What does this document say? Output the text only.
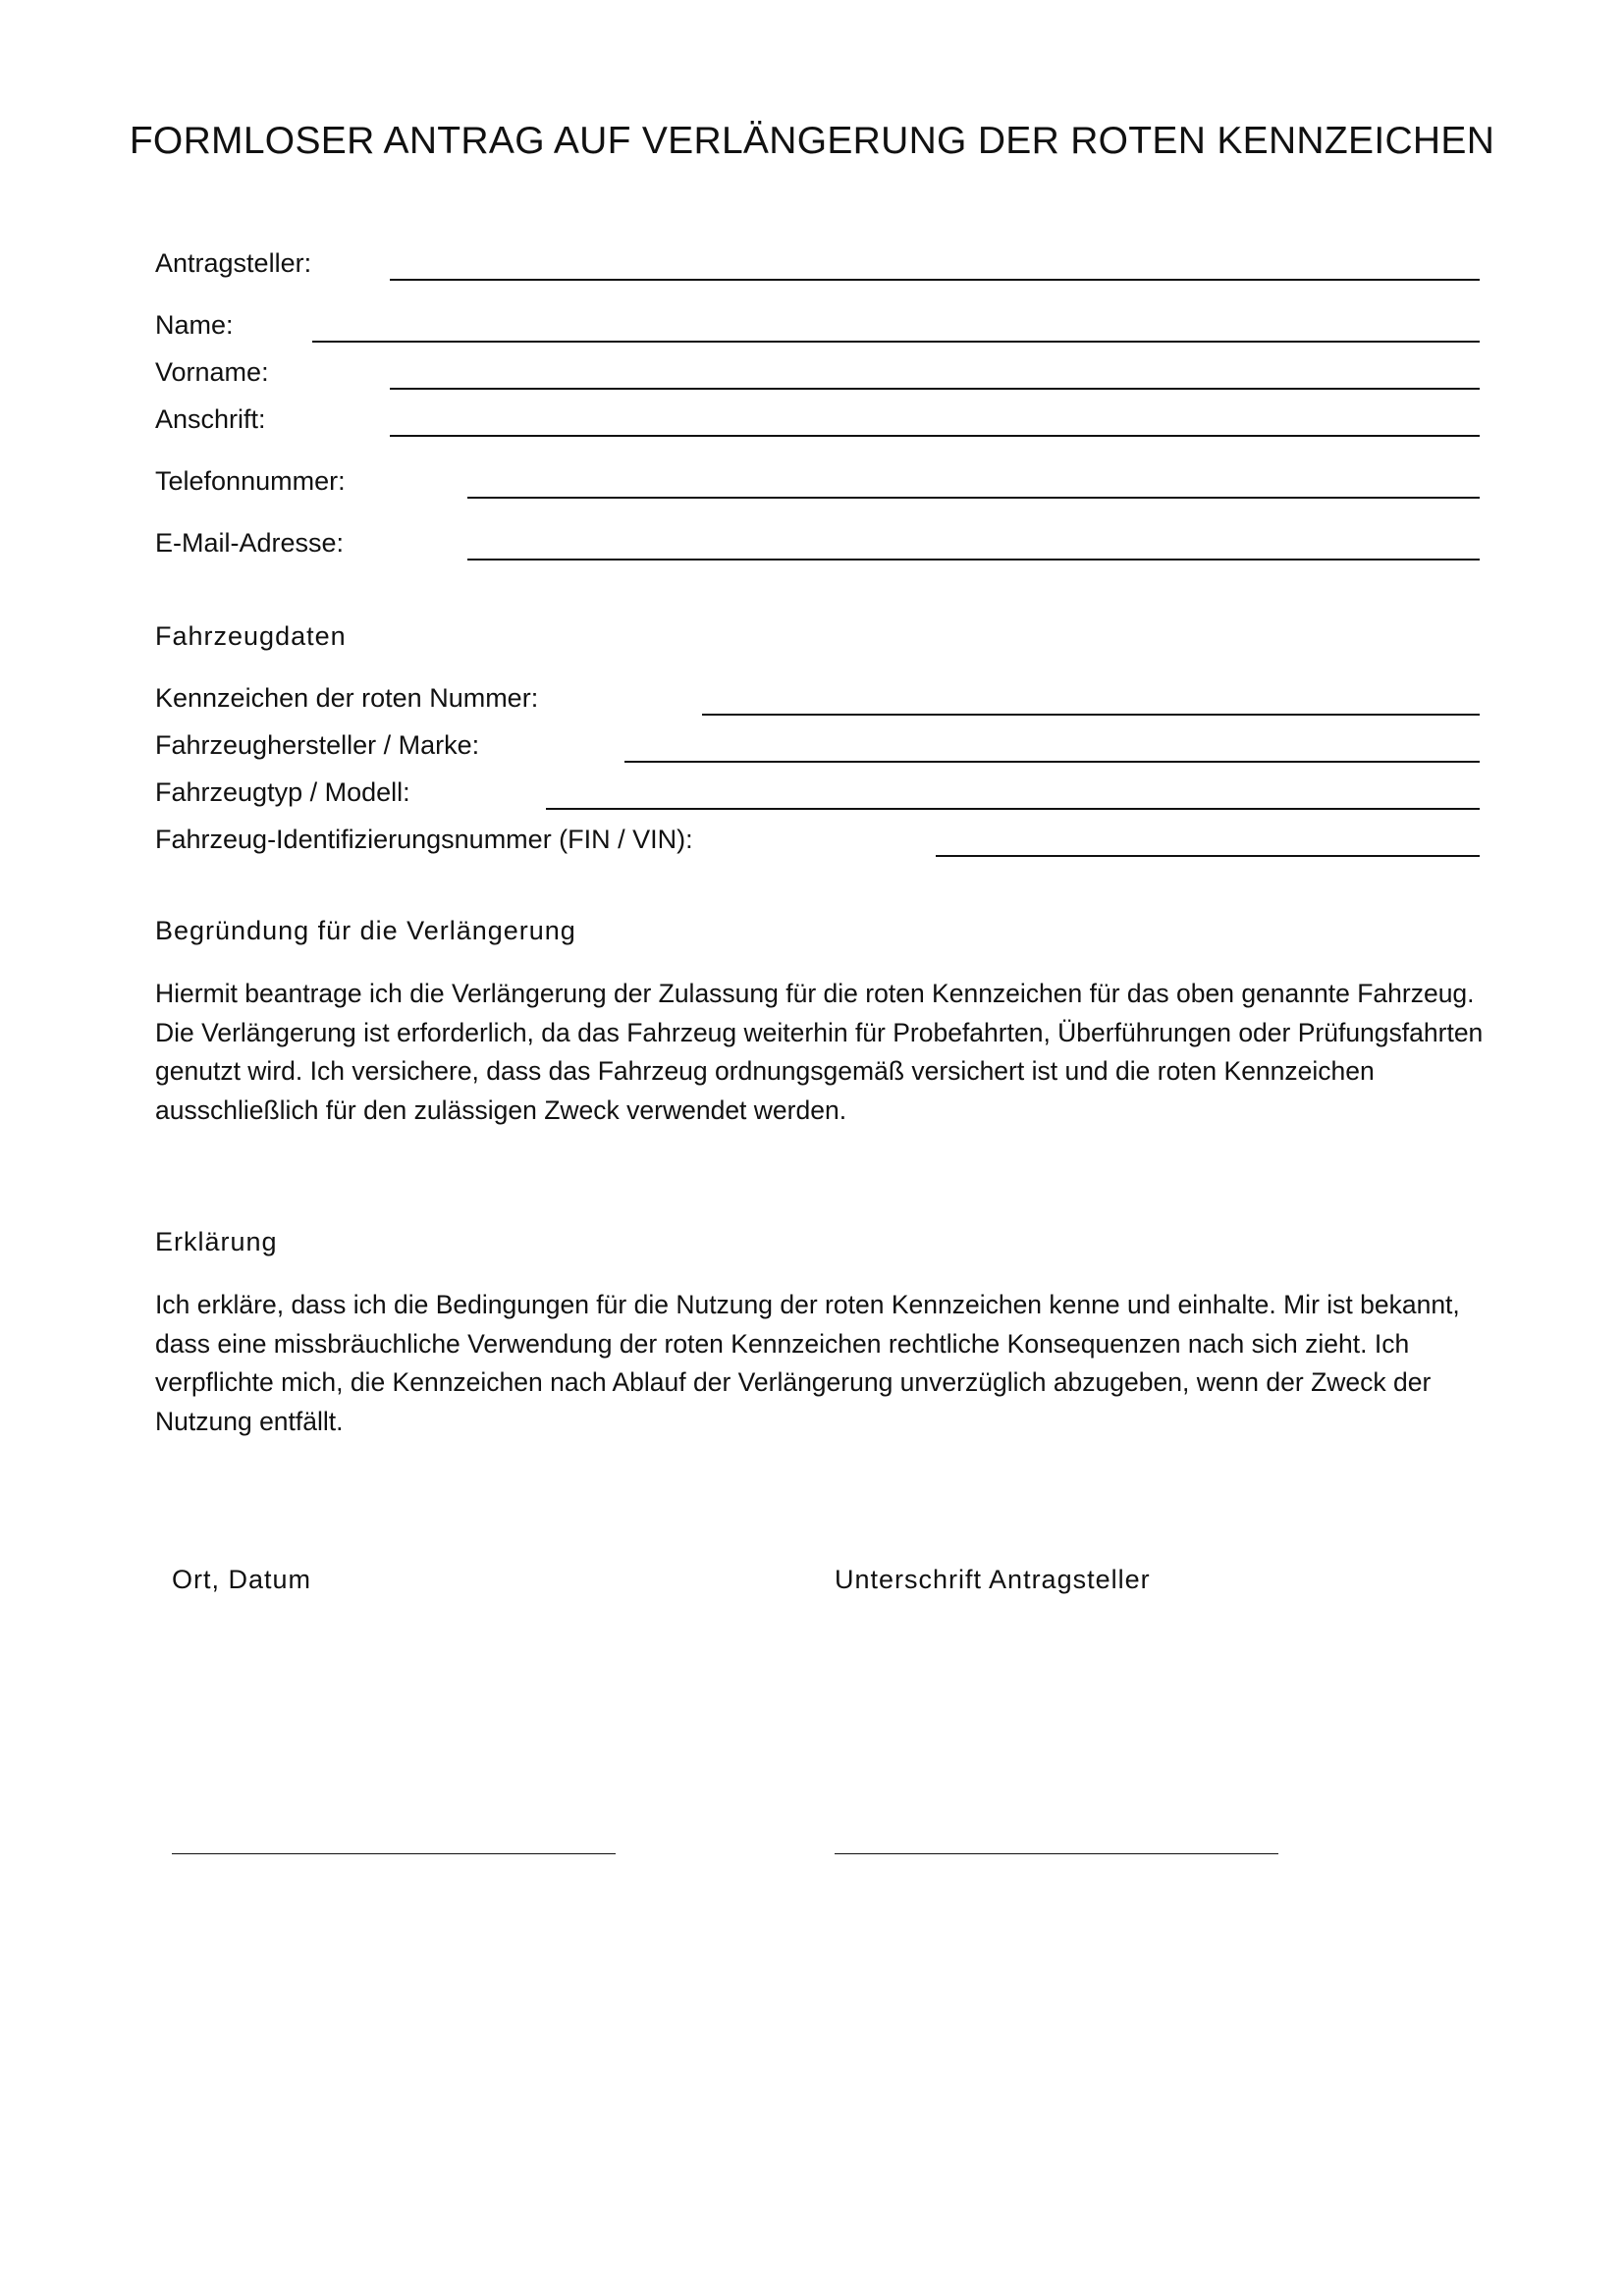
FORMLOSER ANTRAG AUF VERLÄNGERUNG DER ROTEN KENNZEICHEN
Antragsteller:
Name:
Vorname:
Anschrift:
Telefonnummer:
E-Mail-Adresse:
Fahrzeugdaten
Kennzeichen der roten Nummer:
Fahrzeughersteller / Marke:
Fahrzeugtyp / Modell:
Fahrzeug-Identifizierungsnummer (FIN / VIN):
Begründung für die Verlängerung

Hiermit beantrage ich die Verlängerung der Zulassung für die roten Kennzeichen für das oben genannte Fahrzeug. Die Verlängerung ist erforderlich, da das Fahrzeug weiterhin für Probefahrten, Überführungen oder Prüfungsfahrten genutzt wird. Ich versichere, dass das Fahrzeug ordnungsgemäß versichert ist und die roten Kennzeichen ausschließlich für den zulässigen Zweck verwendet werden.

Erklärung

Ich erkläre, dass ich die Bedingungen für die Nutzung der roten Kennzeichen kenne und einhalte. Mir ist bekannt, dass eine missbräuchliche Verwendung der roten Kennzeichen rechtliche Konsequenzen nach sich zieht. Ich verpflichte mich, die Kennzeichen nach Ablauf der Verlängerung unverzüglich abzugeben, wenn der Zweck der Nutzung entfällt.

Ort, Datum	Unterschrift Antragsteller
